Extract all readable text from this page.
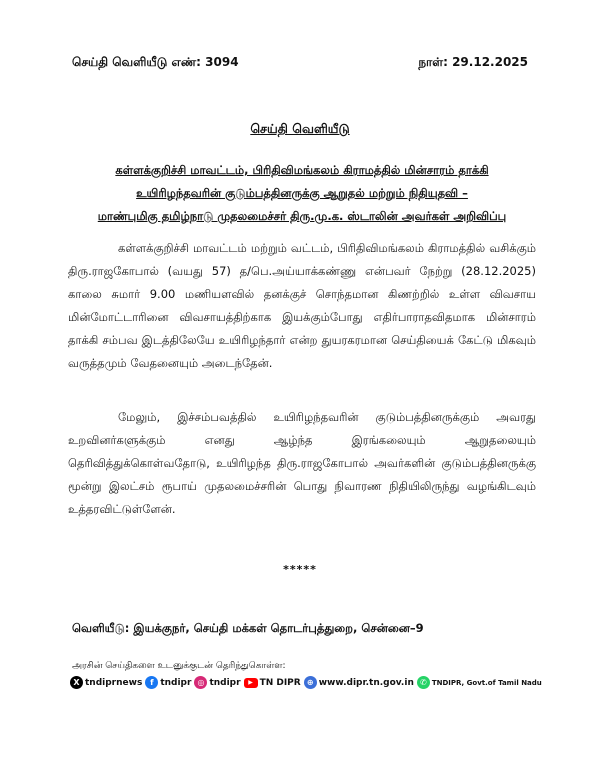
செய்தி வெளியீடு எண்: 3094	நாள்: 29.12.2025
செய்தி வெளியீடு
கள்ளக்குறிச்சி மாவட்டம், பிரிதிவிமங்கலம் கிராமத்தில் மின்சாரம் தாக்கி
உயிரிழந்தவரின் குடும்பத்தினருக்கு ஆறுதல் மற்றும் நிதியுதவி –
மாண்புமிகு தமிழ்நாடு முதலமைச்சர் திரு.மு.க. ஸ்டாலின் அவர்கள் அறிவிப்பு
கள்ளக்குறிச்சி மாவட்டம் மற்றும் வட்டம், பிரிதிவிமங்கலம் கிராமத்தில் வசிக்கும் திரு.ராஜகோபால் (வயது 57) த/பெ.அய்யாக்கண்ணு என்பவர் நேற்று (28.12.2025) காலை சுமார் 9.00 மணியளவில் தனக்குச் சொந்தமான கிணற்றில் உள்ள விவசாய மின்மோட்டாரினை விவசாயத்திற்காக இயக்கும்போது எதிர்பாராதவிதமாக மின்சாரம் தாக்கி சம்பவ இடத்திலேயே உயிரிழந்தார் என்ற துயரகரமான செய்தியைக் கேட்டு மிகவும் வருத்தமும் வேதனையும் அடைந்தேன்.
மேலும், இச்சம்பவத்தில் உயிரிழந்தவரின் குடும்பத்தினருக்கும் அவரது உறவினர்களுக்கும் எனது ஆழ்ந்த இரங்கலையும் ஆறுதலையும் தெரிவித்துக்கொள்வதோடு, உயிரிழந்த திரு.ராஜகோபால் அவர்களின் குடும்பத்தினருக்கு மூன்று இலட்சம் ரூபாய் முதலமைச்சரின் பொது நிவாரண நிதியிலிருந்து வழங்கிடவும் உத்தரவிட்டுள்ளேன்.
*****
வெளியீடு: இயக்குநர், செய்தி மக்கள் தொடர்புத்துறை, சென்னை–9
அரசின் செய்திகளை உடனுக்குடன் தெரிந்துகொள்ள:
X tndiprnews f tndipr ◎ tndipr	▶ TN DIPR ⊕ www.dipr.tn.gov.in ✆ TNDIPR, Govt.of Tamil Nadu
